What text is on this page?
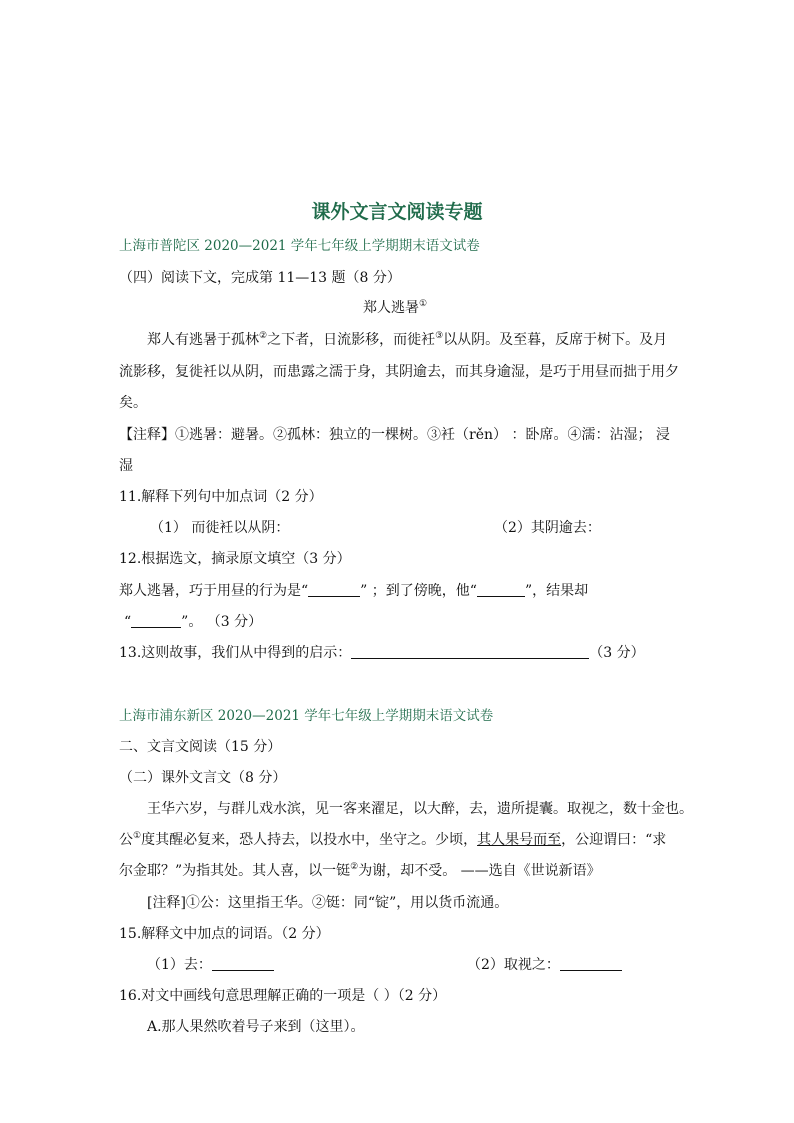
课外文言文阅读专题
上海市普陀区 2020—2021 学年七年级上学期期末语文试卷
（四）阅读下文，完成第 11—13 题（8 分）
郑人逃暑①
郑人有逃暑于孤林②之下者，日流影移，而徙衽③以从阴。及至暮，反席于树下。及月
流影移，复徙衽以从阴，而患露之濡于身，其阴逾去，而其身逾湿，是巧于用昼而拙于用夕
矣。
【注释】①逃暑：避暑。②孤林：独立的一棵树。③衽（rěn） ：卧席。④濡：沾湿； 浸
湿
11.解释下列句中加点词（2 分）
（1） 而徙衽以从阴：	（2）其阴逾去：
12.根据选文，摘录原文填空（3 分）
郑人逃暑，巧于用昼的行为是“	” ；到了傍晚，他“	”，结果却
“	”。 （3 分）
13.这则故事，我们从中得到的启示：	（3 分）
上海市浦东新区 2020—2021 学年七年级上学期期末语文试卷
二、文言文阅读（15 分）
（二）课外文言文（8 分）
王华六岁，与群儿戏水滨，见一客来濯足，以大醉，去，遗所提囊。取视之，数十金也。
公①度其醒必复来，恐人持去，以投水中，坐守之。少顷，其人果号而至，公迎谓曰：“求
尔金耶？”为指其处。其人喜，以一铤②为谢，却不受。 ——选自《世说新语》
[注释]①公：这里指王华。②铤：同“锭”，用以货币流通。
15.解释文中加点的词语。（2 分）
（1）去：	（2）取视之：
16.对文中画线句意思理解正确的一项是（ ）（2 分）
A.那人果然吹着号子来到（这里）。
